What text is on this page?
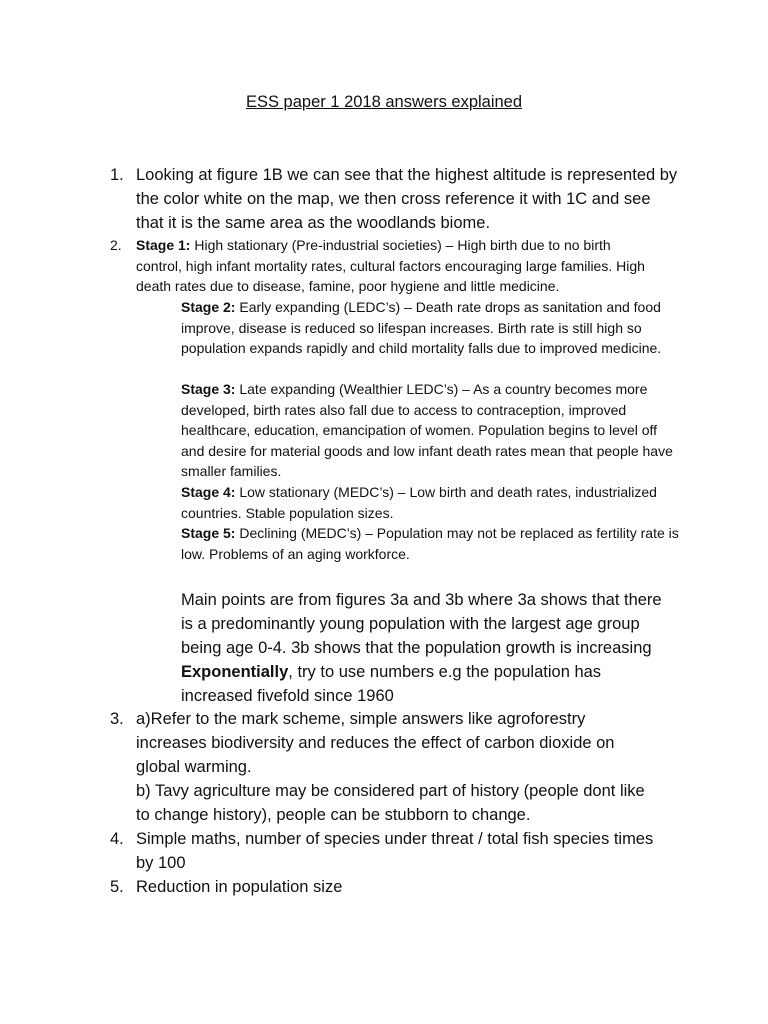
ESS paper 1 2018 answers explained
1. Looking at figure 1B we can see that the highest altitude is represented by the color white on the map, we then cross reference it with 1C and see that it is the same area as the woodlands biome.
2.	Stage 1: High stationary (Pre-industrial societies) – High birth due to no birth control, high infant mortality rates, cultural factors encouraging large families. High death rates due to disease, famine, poor hygiene and little medicine.
Stage 2: Early expanding (LEDC’s) – Death rate drops as sanitation and food improve, disease is reduced so lifespan increases. Birth rate is still high so population expands rapidly and child mortality falls due to improved medicine.
Stage 3: Late expanding (Wealthier LEDC’s) – As a country becomes more developed, birth rates also fall due to access to contraception, improved healthcare, education, emancipation of women. Population begins to level off and desire for material goods and low infant death rates mean that people have smaller families.
Stage 4: Low stationary (MEDC’s) – Low birth and death rates, industrialized countries. Stable population sizes.
Stage 5: Declining (MEDC’s) – Population may not be replaced as fertility rate is low. Problems of an aging workforce.
Main points are from figures 3a and 3b where 3a shows that there is a predominantly young population with the largest age group being age 0-4. 3b shows that the population growth is increasing Exponentially, try to use numbers e.g the population has increased fivefold since 1960
3. a)Refer to the mark scheme, simple answers like agroforestry increases biodiversity and reduces the effect of carbon dioxide on global warming.
b) Tavy agriculture may be considered part of history (people dont like to change history), people can be stubborn to change.
4. Simple maths, number of species under threat / total fish species times by 100
5. Reduction in population size
